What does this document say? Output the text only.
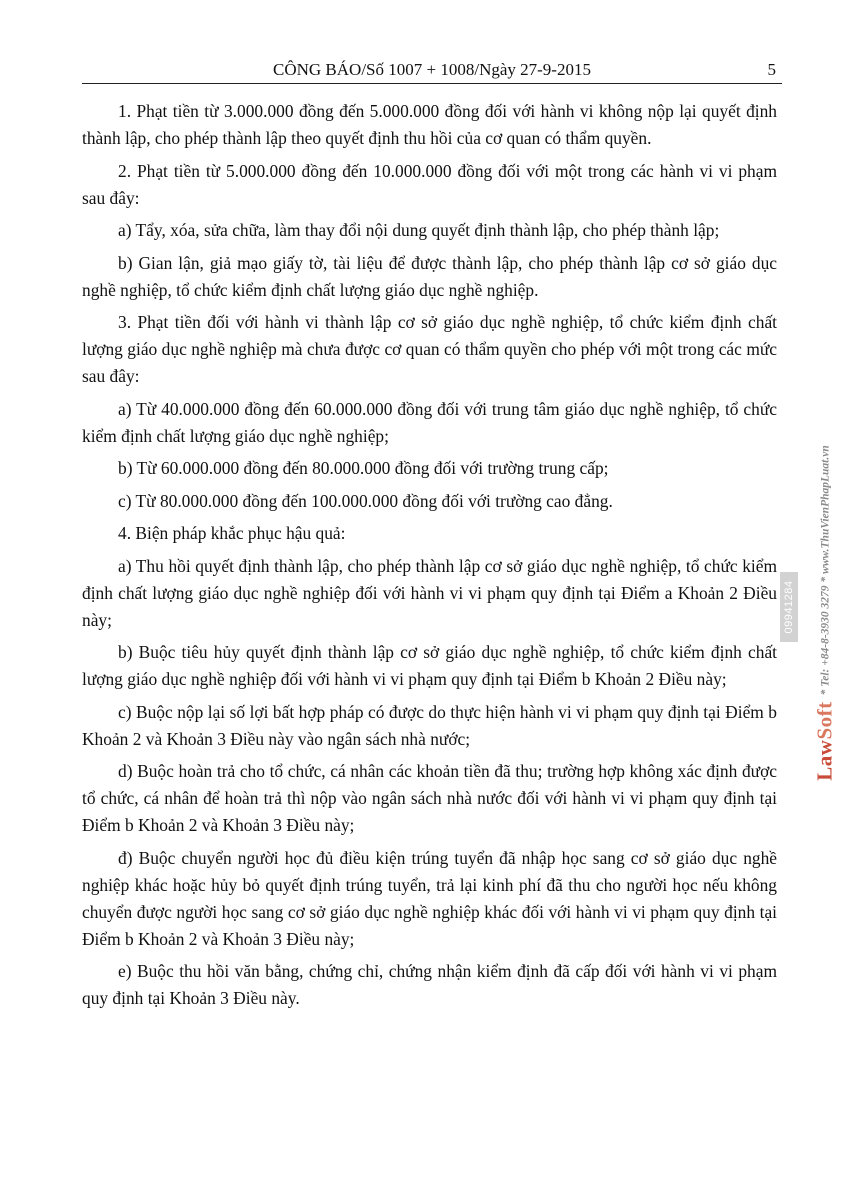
CÔNG BÁO/Số 1007 + 1008/Ngày 27-9-2015	5

1. Phạt tiền từ 3.000.000 đồng đến 5.000.000 đồng đối với hành vi không nộp lại quyết định thành lập, cho phép thành lập theo quyết định thu hồi của cơ quan có thẩm quyền.

2. Phạt tiền từ 5.000.000 đồng đến 10.000.000 đồng đối với một trong các hành vi vi phạm sau đây:

a) Tẩy, xóa, sửa chữa, làm thay đổi nội dung quyết định thành lập, cho phép thành lập;

b) Gian lận, giả mạo giấy tờ, tài liệu để được thành lập, cho phép thành lập cơ sở giáo dục nghề nghiệp, tổ chức kiểm định chất lượng giáo dục nghề nghiệp.

3. Phạt tiền đối với hành vi thành lập cơ sở giáo dục nghề nghiệp, tổ chức kiểm định chất lượng giáo dục nghề nghiệp mà chưa được cơ quan có thẩm quyền cho phép với một trong các mức sau đây:

a) Từ 40.000.000 đồng đến 60.000.000 đồng đối với trung tâm giáo dục nghề nghiệp, tổ chức kiểm định chất lượng giáo dục nghề nghiệp;

b) Từ 60.000.000 đồng đến 80.000.000 đồng đối với trường trung cấp;

c) Từ 80.000.000 đồng đến 100.000.000 đồng đối với trường cao đẳng.

4. Biện pháp khắc phục hậu quả:

a) Thu hồi quyết định thành lập, cho phép thành lập cơ sở giáo dục nghề nghiệp, tổ chức kiểm định chất lượng giáo dục nghề nghiệp đối với hành vi vi phạm quy định tại Điểm a Khoản 2 Điều này;

b) Buộc tiêu hủy quyết định thành lập cơ sở giáo dục nghề nghiệp, tổ chức kiểm định chất lượng giáo dục nghề nghiệp đối với hành vi vi phạm quy định tại Điểm b Khoản 2 Điều này;

c) Buộc nộp lại số lợi bất hợp pháp có được do thực hiện hành vi vi phạm quy định tại Điểm b Khoản 2 và Khoản 3 Điều này vào ngân sách nhà nước;

d) Buộc hoàn trả cho tổ chức, cá nhân các khoản tiền đã thu; trường hợp không xác định được tổ chức, cá nhân để hoàn trả thì nộp vào ngân sách nhà nước đối với hành vi vi phạm quy định tại Điểm b Khoản 2 và Khoản 3 Điều này;

đ) Buộc chuyển người học đủ điều kiện trúng tuyển đã nhập học sang cơ sở giáo dục nghề nghiệp khác hoặc hủy bỏ quyết định trúng tuyển, trả lại kinh phí đã thu cho người học nếu không chuyển được người học sang cơ sở giáo dục nghề nghiệp khác đối với hành vi vi phạm quy định tại Điểm b Khoản 2 và Khoản 3 Điều này;

e) Buộc thu hồi văn bằng, chứng chỉ, chứng nhận kiểm định đã cấp đối với hành vi vi phạm quy định tại Khoản 3 Điều này.

09941284
LawSoft
* Tel: +84-8-3930 3279 * www.ThuVienPhapLuat.vn
